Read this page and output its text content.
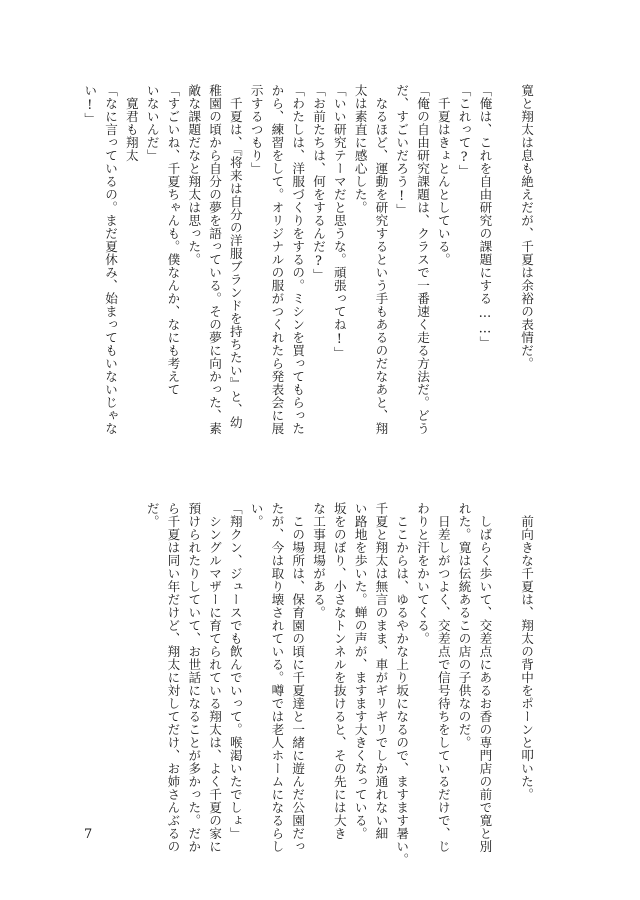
寛と翔太は息も絶えだが、千夏は余裕の表情だ。

「俺は、これを自由研究の課題にする……」

「これって?」

　千夏はきょとんとしている。

「俺の自由研究課題は、クラスで一番速く走る方法だ。どう

だ、すごいだろう!」

　なるほど、運動を研究するという手もあるのだなあと、翔

太は素直に感心した。

「いい研究テーマだと思うな。頑張ってね!」

「お前たちは、何をするんだ?」

「わたしは、洋服づくりをするの。ミシンを買ってもらった

から、練習をして。オリジナルの服がつくれたら発表会に展

示するつもり」

　千夏は、『将来は自分の洋服ブランドを持ちたい』と、幼

稚園の頃から自分の夢を語っている。その夢に向かった、素

敵な課題だなと翔太は思った。

「すごいね、千夏ちゃんも。僕なんか、なにも考えて

いないんだ」

　寛君も翔太

「なに言っているの。まだ夏休み、始まってもいないじゃな

い!」

　前向きな千夏は、翔太の背中をポーンと叩いた。

　しばらく歩いて、交差点にあるお香の専門店の前で寛と別

れた。寛は伝統あるこの店の子供なのだ。

　日差しがつよく、交差点で信号待ちをしているだけで、じ

わりと汗をかいてくる。

　ここからは、ゆるやかな上り坂になるので、ますます暑い。

千夏と翔太は無言のまま、車がギリギリでしか通れない細

い路地を歩いた。蝉の声が、ますます大きくなっている。

坂をのぼり、小さなトンネルを抜けると、その先には大き

な工事現場がある。

　この場所は、保育園の頃に千夏達と一緒に遊んだ公園だっ

たが、今は取り壊されている。噂では老人ホームになるらし

い。

「翔クン、ジュースでも飲んでいって。喉渇いたでしょ」

　シングルマザーに育てられている翔太は、よく千夏の家に

預けられたりしていて、お世話になることが多かった。だか

ら千夏は同い年だけど、翔太に対してだけ、お姉さんぶるの

だ。

7
